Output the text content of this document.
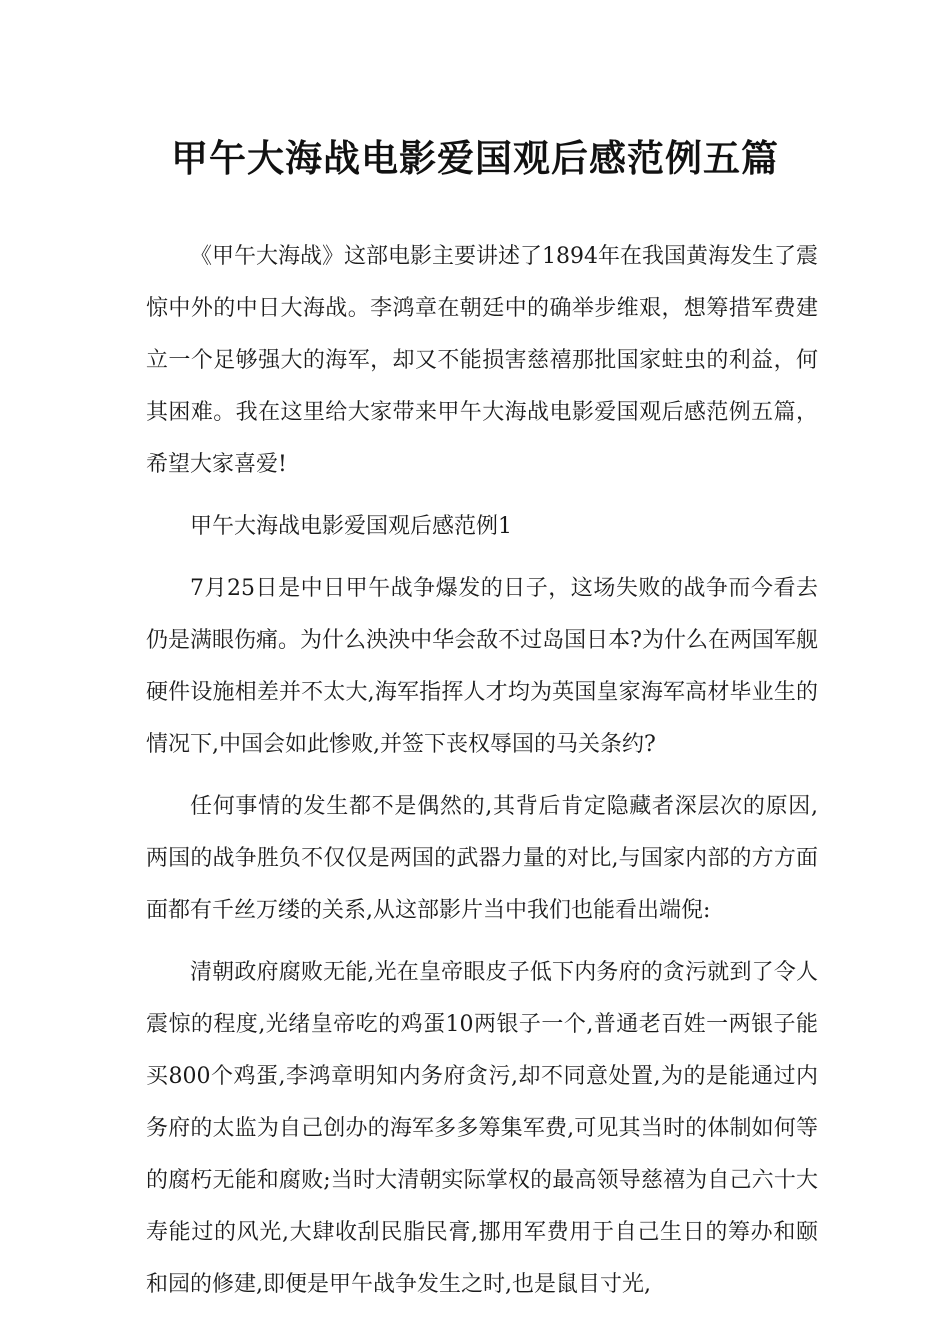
甲午大海战电影爱国观后感范例五篇

《甲午大海战》这部电影主要讲述了1894年在我国黄海发生了震惊中外的中日大海战。李鸿章在朝廷中的确举步维艰，想筹措军费建立一个足够强大的海军，却又不能损害慈禧那批国家蛀虫的利益，何其困难。我在这里给大家带来甲午大海战电影爱国观后感范例五篇，希望大家喜爱!

甲午大海战电影爱国观后感范例1

7月25日是中日甲午战争爆发的日子，这场失败的战争而今看去仍是满眼伤痛。为什么泱泱中华会敌不过岛国日本?为什么在两国军舰硬件设施相差并不太大,海军指挥人才均为英国皇家海军高材毕业生的情况下,中国会如此惨败,并签下丧权辱国的马关条约?

任何事情的发生都不是偶然的,其背后肯定隐藏者深层次的原因,两国的战争胜负不仅仅是两国的武器力量的对比,与国家内部的方方面面都有千丝万缕的关系,从这部影片当中我们也能看出端倪:

清朝政府腐败无能,光在皇帝眼皮子低下内务府的贪污就到了令人震惊的程度,光绪皇帝吃的鸡蛋10两银子一个,普通老百姓一两银子能买800个鸡蛋,李鸿章明知内务府贪污,却不同意处置,为的是能通过内务府的太监为自己创办的海军多多筹集军费,可见其当时的体制如何等的腐朽无能和腐败;当时大清朝实际掌权的最高领导慈禧为自己六十大寿能过的风光,大肆收刮民脂民膏,挪用军费用于自己生日的筹办和颐和园的修建,即便是甲午战争发生之时,也是鼠目寸光,
